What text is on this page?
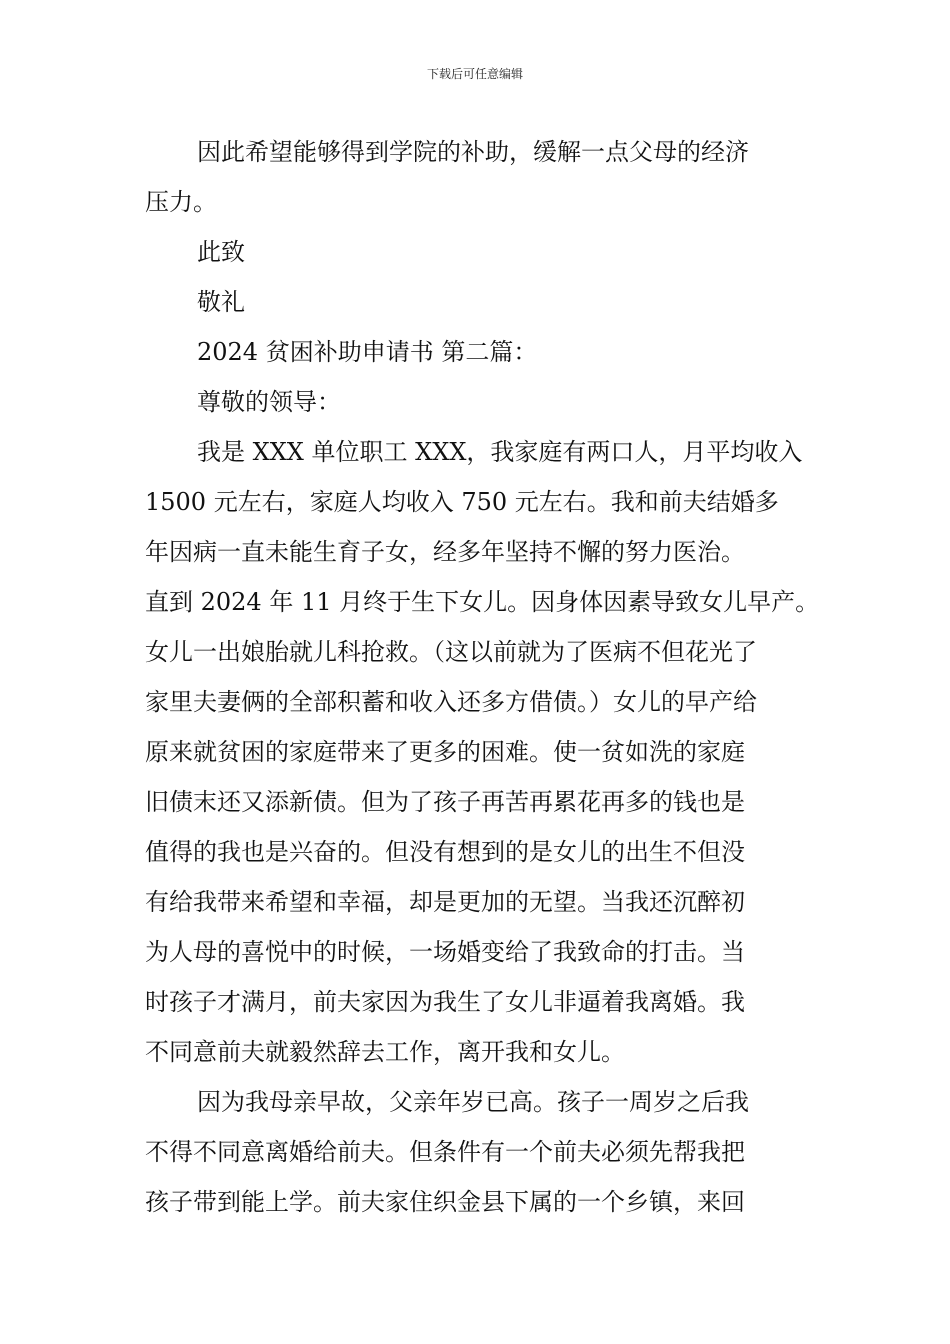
下载后可任意编辑

因此希望能够得到学院的补助，缓解一点父母的经济
压力。

此致

敬礼

2024 贫困补助申请书 第二篇：

尊敬的领导：

我是 XXX 单位职工 XXX，我家庭有两口人，月平均收入
1500 元左右，家庭人均收入 750 元左右。我和前夫结婚多
年因病一直未能生育子女，经多年坚持不懈的努力医治。
直到 2024 年 11 月终于生下女儿。因身体因素导致女儿早产。
女儿一出娘胎就儿科抢救。（这以前就为了医病不但花光了
家里夫妻俩的全部积蓄和收入还多方借债。）女儿的早产给
原来就贫困的家庭带来了更多的困难。使一贫如洗的家庭
旧债末还又添新债。但为了孩子再苦再累花再多的钱也是
值得的我也是兴奋的。但没有想到的是女儿的出生不但没
有给我带来希望和幸福，却是更加的无望。当我还沉醉初
为人母的喜悦中的时候，一场婚变给了我致命的打击。当
时孩子才满月，前夫家因为我生了女儿非逼着我离婚。我
不同意前夫就毅然辞去工作，离开我和女儿。

因为我母亲早故，父亲年岁已高。孩子一周岁之后我
不得不同意离婚给前夫。但条件有一个前夫必须先帮我把
孩子带到能上学。前夫家住织金县下属的一个乡镇，来回
